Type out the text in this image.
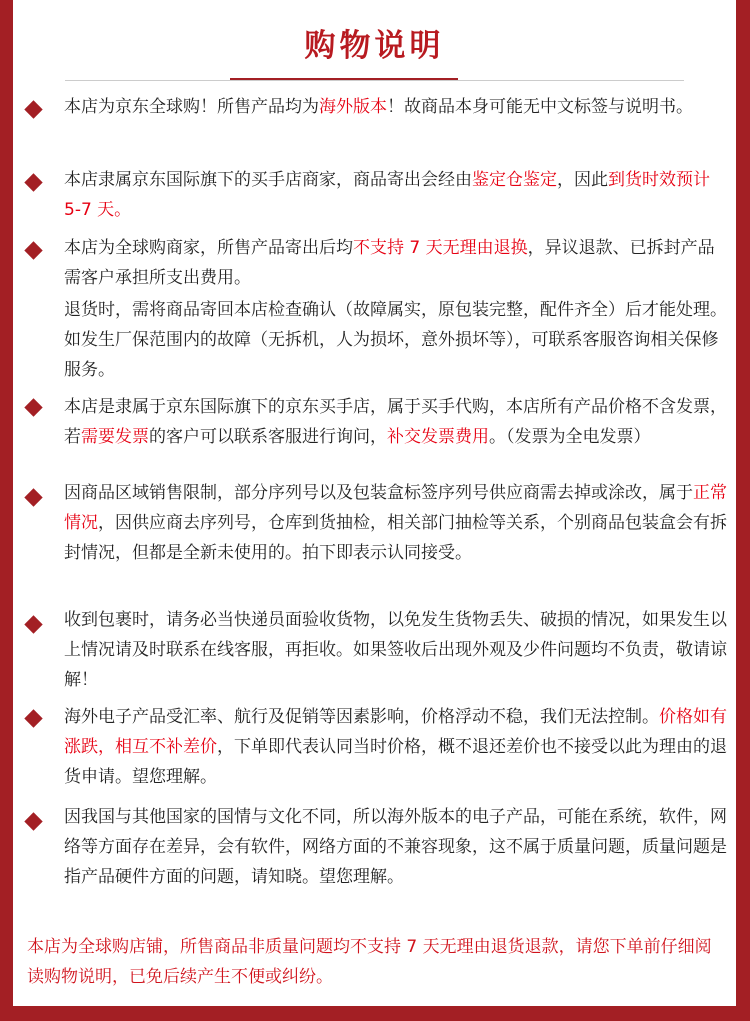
购物说明
本店为京东全球购！所售产品均为海外版本！故商品本身可能无中文标签与说明书。
本店隶属京东国际旗下的买手店商家，商品寄出会经由鉴定仓鉴定，因此到货时效预计 5-7 天。
本店为全球购商家，所售产品寄出后均不支持 7 天无理由退换，异议退款、已拆封产品需客户承担所支出费用。
退货时，需将商品寄回本店检查确认（故障属实，原包装完整，配件齐全）后才能处理。如发生厂保范围内的故障（无拆机，人为损坏，意外损坏等），可联系客服咨询相关保修服务。
本店是隶属于京东国际旗下的京东买手店，属于买手代购，本店所有产品价格不含发票，若需要发票的客户可以联系客服进行询问，补交发票费用。（发票为全电发票）
因商品区域销售限制，部分序列号以及包装盒标签序列号供应商需去掉或涂改，属于正常情况，因供应商去序列号，仓库到货抽检，相关部门抽检等关系，个别商品包装盒会有拆封情况，但都是全新未使用的。拍下即表示认同接受。
收到包裹时，请务必当快递员面验收货物，以免发生货物丢失、破损的情况，如果发生以上情况请及时联系在线客服，再拒收。如果签收后出现外观及少件问题均不负责，敬请谅解！
海外电子产品受汇率、航行及促销等因素影响，价格浮动不稳，我们无法控制。价格如有涨跌，相互不补差价，下单即代表认同当时价格，概不退还差价也不接受以此为理由的退货申请。望您理解。
因我国与其他国家的国情与文化不同，所以海外版本的电子产品，可能在系统，软件，网络等方面存在差异，会有软件，网络方面的不兼容现象，这不属于质量问题，质量问题是指产品硬件方面的问题，请知晓。望您理解。
本店为全球购店铺，所售商品非质量问题均不支持 7 天无理由退货退款，请您下单前仔细阅读购物说明，已免后续产生不便或纠纷。
